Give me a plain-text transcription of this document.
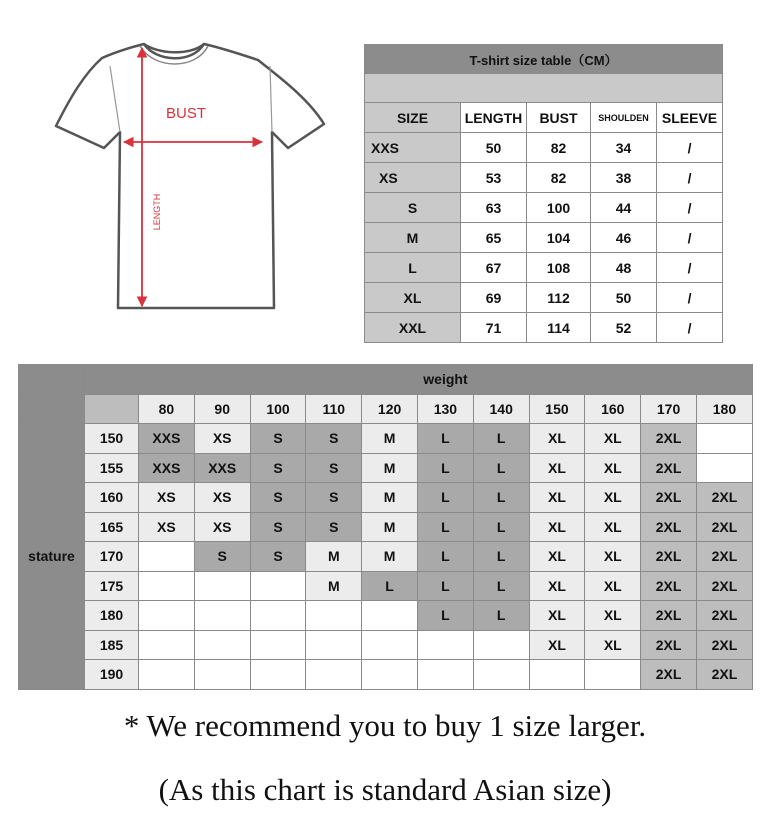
BUST
LENGTH
T-shirt size table（CM）				

SIZE	LENGTH	BUST	SHOULDEN	SLEEVE
XXS	50	82	34	/
XS	53	82	38	/
S	63	100	44	/
M	65	104	46	/
L	67	108	48	/
XL	69	112	50	/
XXL	71	114	52	/
		weight										
		80	90	100	110	120	130	140	150	160	170	180
stature	150	XXS	XS	S	S	M	L	L	XL	XL	2XL	
	155	XXS	XXS	S	S	M	L	L	XL	XL	2XL	
	160	XS	XS	S	S	M	L	L	XL	XL	2XL	2XL
	165	XS	XS	S	S	M	L	L	XL	XL	2XL	2XL
	170		S	S	M	M	L	L	XL	XL	2XL	2XL
	175				M	L	L	L	XL	XL	2XL	2XL
	180						L	L	XL	XL	2XL	2XL
	185								XL	XL	2XL	2XL
	190										2XL	2XL
* We recommend you to buy 1 size larger.
(As this chart is standard Asian size)
